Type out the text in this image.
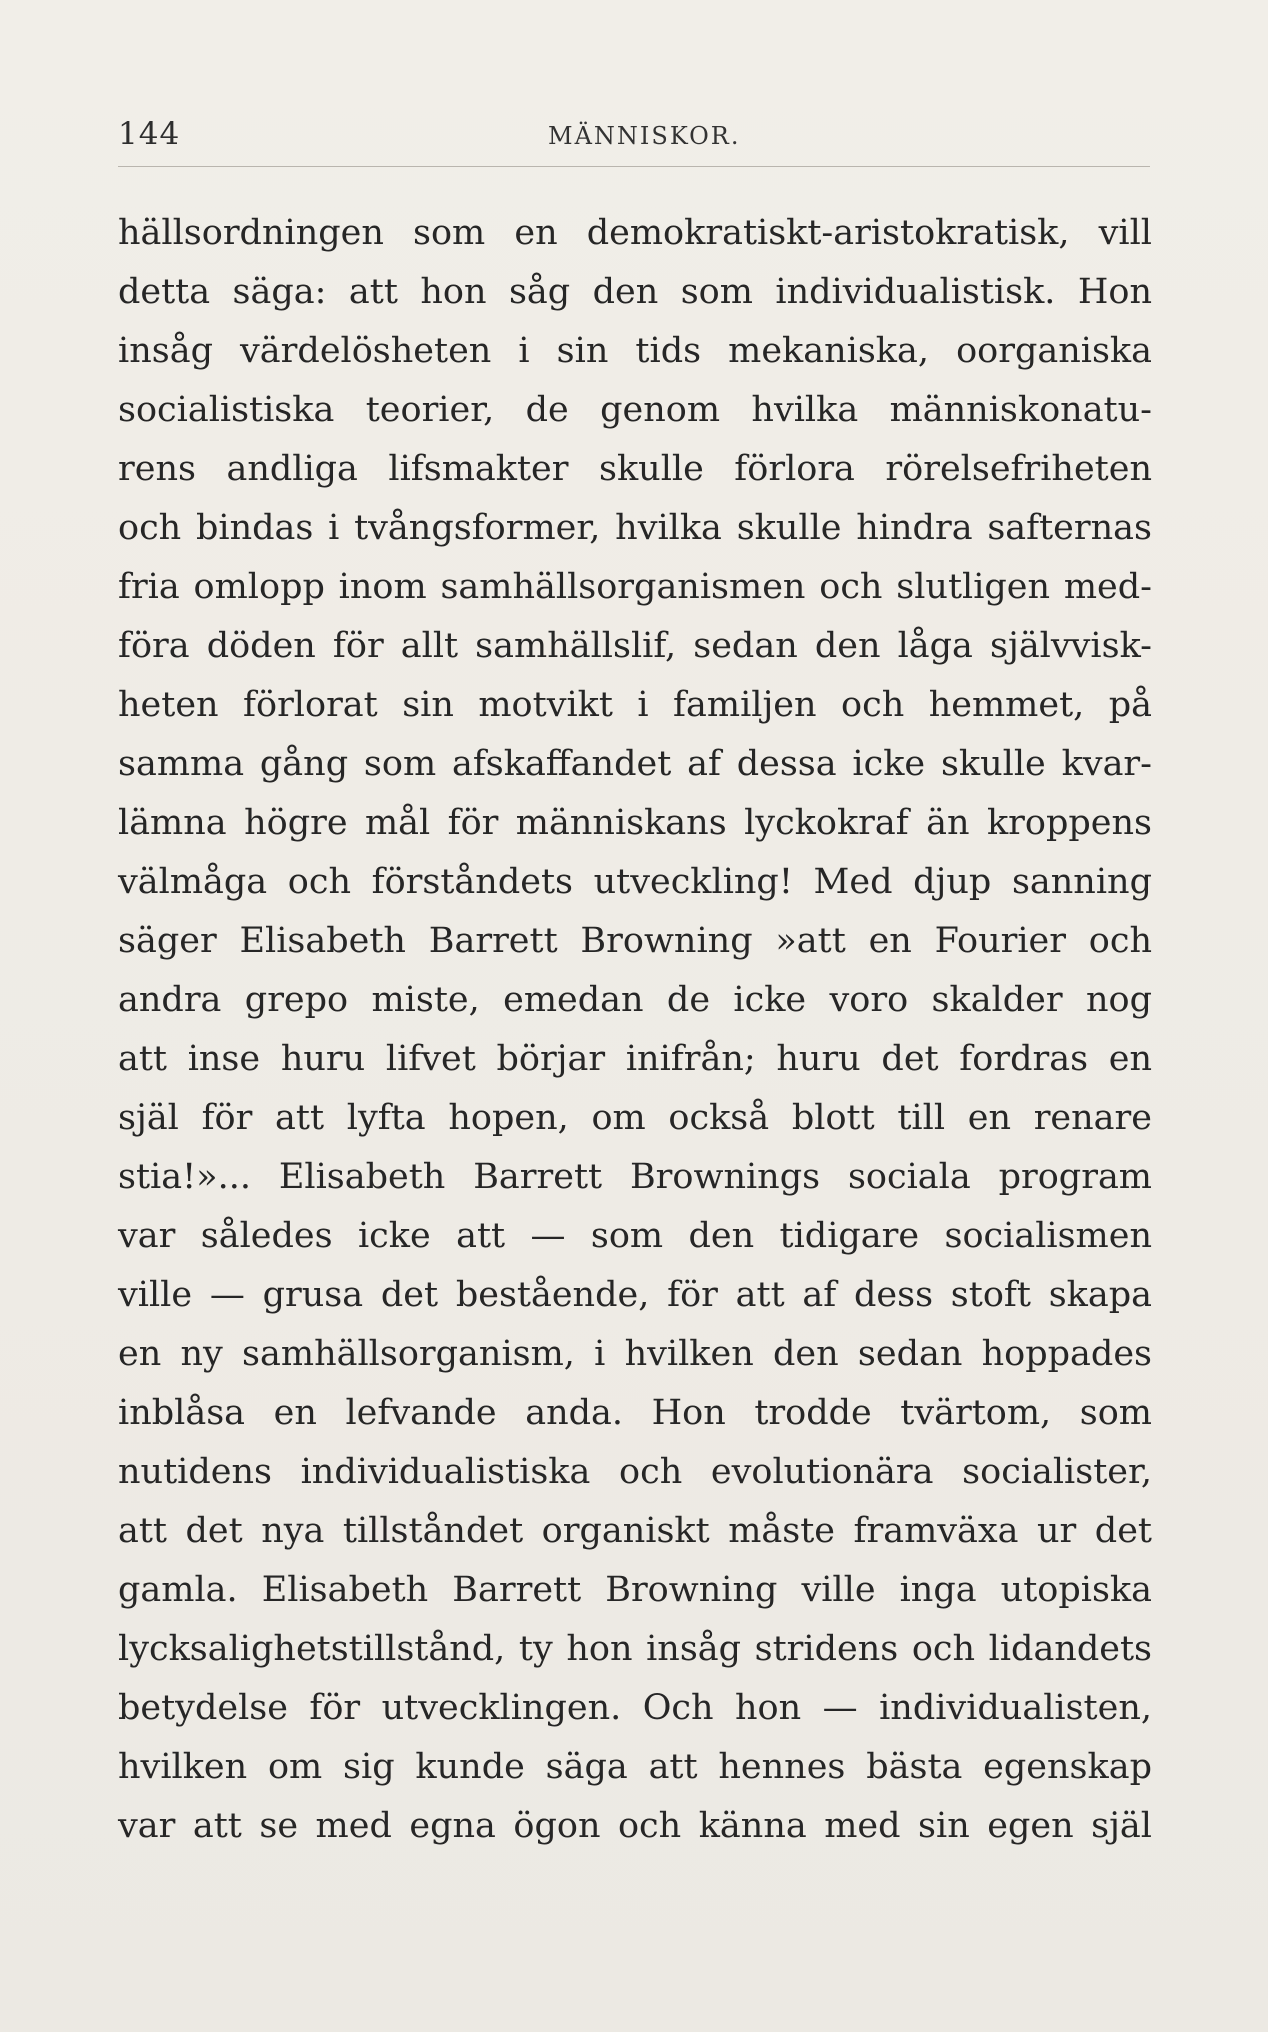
144	MÄNNISKOR.
hällsordningen som en demokratiskt-aristokratisk, vill
detta säga: att hon såg den som individualistisk. Hon
insåg värdelösheten i sin tids mekaniska, oorganiska
socialistiska teorier, de genom hvilka människonatu-
rens andliga lifsmakter skulle förlora rörelsefriheten
och bindas i tvångsformer, hvilka skulle hindra safternas
fria omlopp inom samhällsorganismen och slutligen med-
föra döden för allt samhällslif, sedan den låga självvisk-
heten förlorat sin motvikt i familjen och hemmet, på
samma gång som afskaffandet af dessa icke skulle kvar-
lämna högre mål för människans lyckokraf än kroppens
välmåga och förståndets utveckling! Med djup sanning
säger Elisabeth Barrett Browning »att en Fourier och
andra grepo miste, emedan de icke voro skalder nog
att inse huru lifvet börjar inifrån; huru det fordras en
själ för att lyfta hopen, om också blott till en renare
stia!»... Elisabeth Barrett Brownings sociala program
var således icke att — som den tidigare socialismen
ville — grusa det bestående, för att af dess stoft skapa
en ny samhällsorganism, i hvilken den sedan hoppades
inblåsa en lefvande anda. Hon trodde tvärtom, som
nutidens individualistiska och evolutionära socialister,
att det nya tillståndet organiskt måste framväxa ur det
gamla. Elisabeth Barrett Browning ville inga utopiska
lycksalighetstillstånd, ty hon insåg stridens och lidandets
betydelse för utvecklingen. Och hon — individualisten,
hvilken om sig kunde säga att hennes bästa egenskap
var att se med egna ögon och känna med sin egen själ
